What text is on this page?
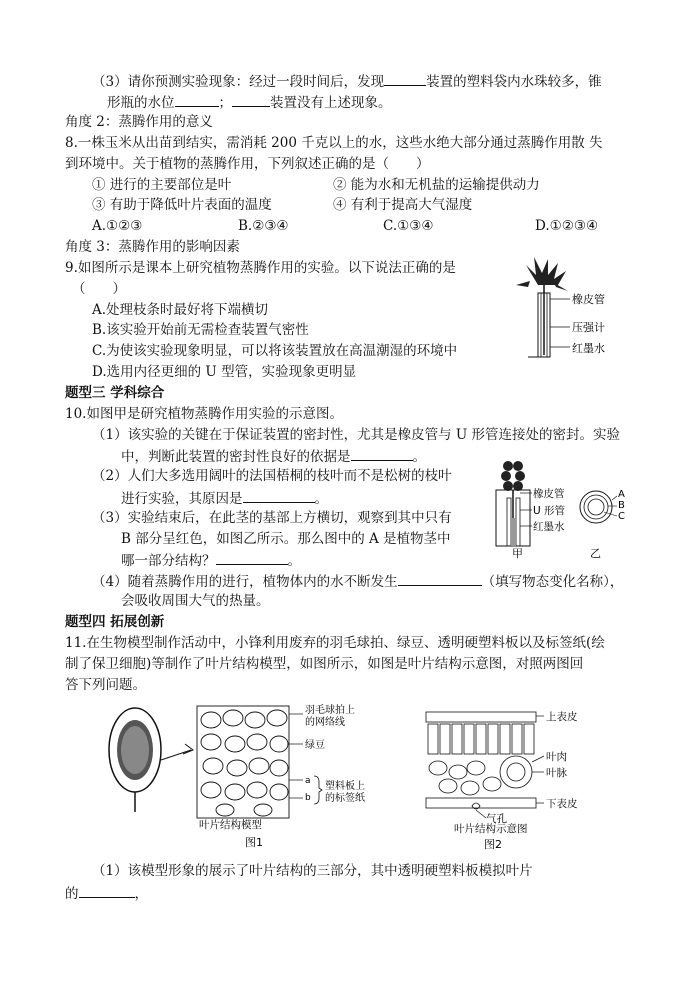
（3）请你预测实验现象：经过一段时间后，发现	装置的塑料袋内水珠较多，锥
形瓶的水位	；	装置没有上述现象。
角度 2：蒸腾作用的意义
8.一株玉米从出苗到结实，需消耗 200 千克以上的水，这些水绝大部分通过蒸腾作用散 失
到环境中。关于植物的蒸腾作用，下列叙述正确的是（　　）
① 进行的主要部位是叶	② 能为水和无机盐的运输提供动力
③ 有助于降低叶片表面的温度	④ 有利于提高大气湿度
A.①②③	B.②③④	C.①③④	D.①②③④
角度 3：蒸腾作用的影响因素
9.如图所示是课本上研究植物蒸腾作用的实验。以下说法正确的是
（　　）
A.处理枝条时最好将下端横切
B.该实验开始前无需检查装置气密性
C.为使该实验现象明显，可以将该装置放在高温潮湿的环境中
D.选用内径更细的 U 型管，实验现象更明显
橡皮管
压强计
红墨水
题型三 学科综合
10.如图甲是研究植物蒸腾作用实验的示意图。
（1）该实验的关键在于保证装置的密封性，尤其是橡皮管与 U 形管连接处的密封。实验
中，判断此装置的密封性良好的依据是	。
（2）人们大多选用阔叶的法国梧桐的枝叶而不是松树的枝叶
进行实验，其原因是	。
（3）实验结束后，在此茎的基部上方横切，观察到其中只有
B 部分呈红色，如图乙所示。那么图中的 A 是植物茎中
哪一部分结构？	。
（4）随着蒸腾作用的进行，植物体内的水不断发生	（填写物态变化名称），
会吸收周围大气的热量。
橡皮管
U 形管
红墨水
甲
A
B
C
乙
题型四 拓展创新
11.在生物模型制作活动中，小锋利用废弃的羽毛球拍、绿豆、透明硬塑料板以及标签纸(绘
制了保卫细胞)等制作了叶片结构模型，如图所示，如图是叶片结构示意图，对照两图回
答下列问题。
羽毛球拍上
的网络线
绿豆
a
b
塑料板上
的标签纸
叶片结构模型
图1
上表皮
叶肉
叶脉
下表皮
气孔
叶片结构示意图
图2
（1）该模型形象的展示了叶片结构的三部分，其中透明硬塑料板模拟叶片
的	，
